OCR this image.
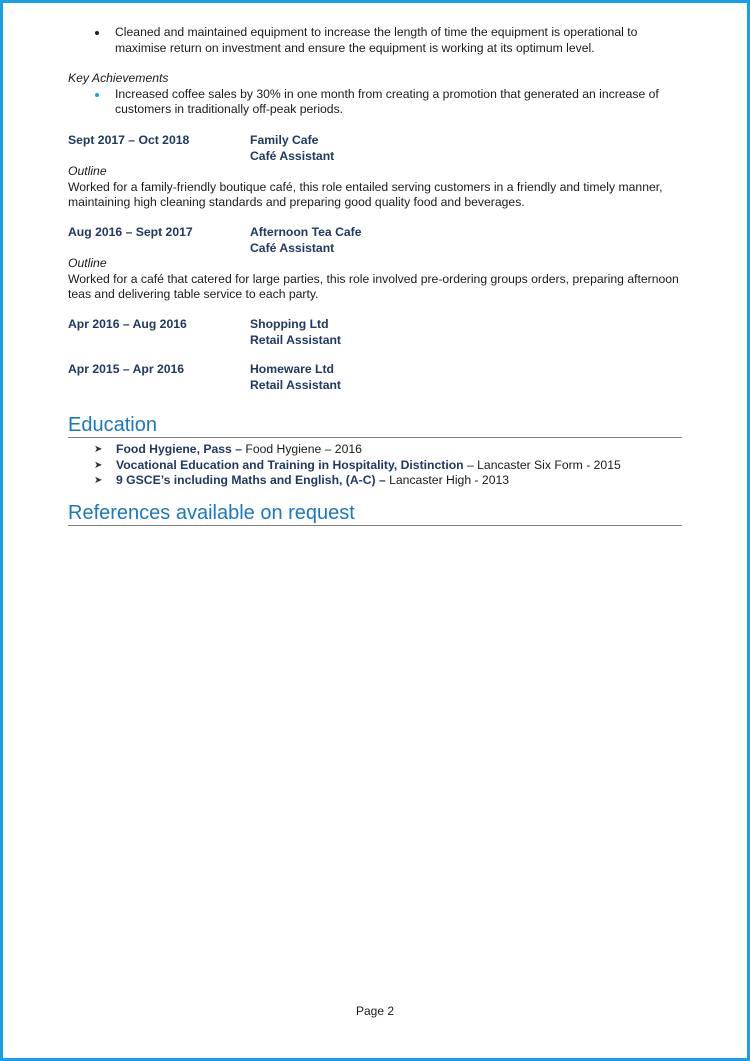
Cleaned and maintained equipment to increase the length of time the equipment is operational to maximise return on investment and ensure the equipment is working at its optimum level.
Key Achievements
Increased coffee sales by 30% in one month from creating a promotion that generated an increase of customers in traditionally off-peak periods.
Sept 2017 – Oct 2018	Family Cafe
Café Assistant
Outline
Worked for a family-friendly boutique café, this role entailed serving customers in a friendly and timely manner, maintaining high cleaning standards and preparing good quality food and beverages.
Aug 2016 – Sept 2017	Afternoon Tea Cafe
Café Assistant
Outline
Worked for a café that catered for large parties, this role involved pre-ordering groups orders, preparing afternoon teas and delivering table service to each party.
Apr 2016 – Aug 2016	Shopping Ltd
Retail Assistant
Apr 2015 – Apr 2016	Homeware Ltd
Retail Assistant
Education
➤ Food Hygiene, Pass – Food Hygiene – 2016
➤ Vocational Education and Training in Hospitality, Distinction – Lancaster Six Form - 2015
➤ 9 GSCE’s including Maths and English, (A-C) – Lancaster High - 2013
References available on request
Page 2
